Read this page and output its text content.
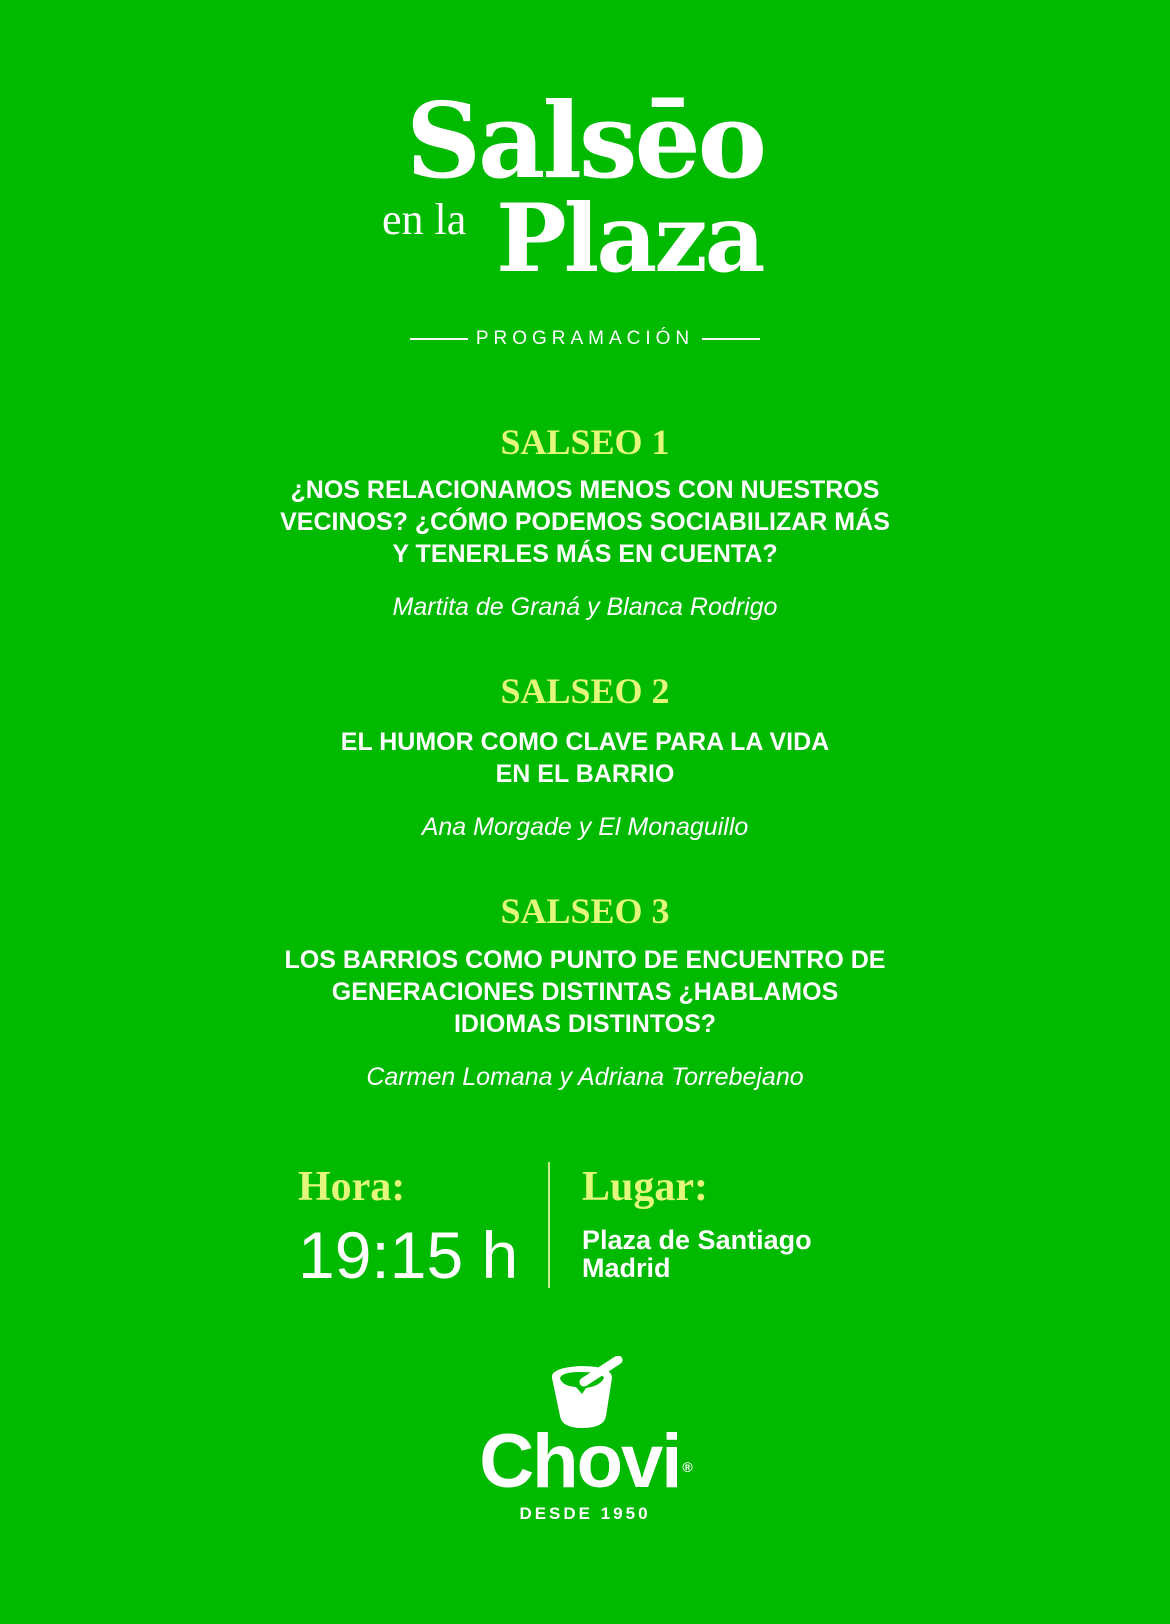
Salsēo
en la Plaza
PROGRAMACIÓN
SALSEO 1
¿NOS RELACIONAMOS MENOS CON NUESTROS
VECINOS? ¿CÓMO PODEMOS SOCIABILIZAR MÁS
Y TENERLES MÁS EN CUENTA?
Martita de Graná y Blanca Rodrigo
SALSEO 2
EL HUMOR COMO CLAVE PARA LA VIDA
EN EL BARRIO
Ana Morgade y El Monaguillo
SALSEO 3
LOS BARRIOS COMO PUNTO DE ENCUENTRO DE
GENERACIONES DISTINTAS ¿HABLAMOS
IDIOMAS DISTINTOS?
Carmen Lomana y Adriana Torrebejano
Hora:
19:15 h
Lugar:
Plaza de Santiago
Madrid
Chovi ®
DESDE 1950
